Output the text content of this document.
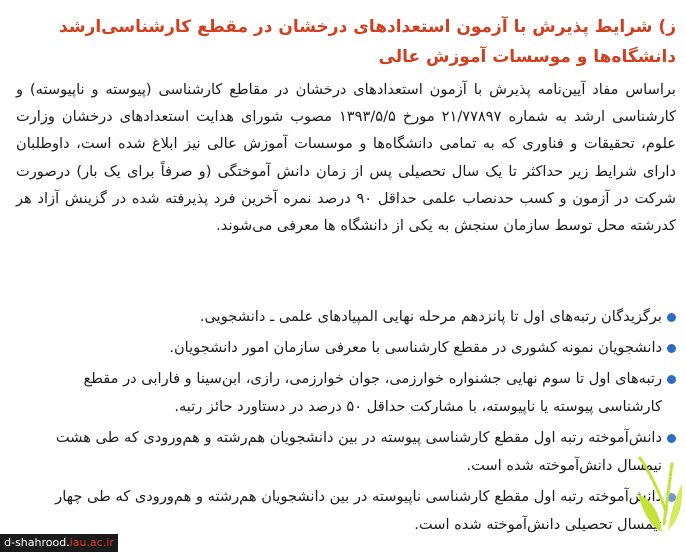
ز) شرایط پذیرش با آزمون استعدادهای درخشان در مقطع کارشناسی‌ارشد دانشگاه‌ها و موسسات آموزش عالی
براساس مفاد آیین‌نامه پذیرش با آزمون استعدادهای درخشان در مقاطع کارشناسی (پیوسته و ناپیوسته) و کارشناسی ارشد به شماره ۲۱/۷۷۸۹۷ مورخ ۱۳۹۳/۵/۵ مصوب شورای هدایت استعدادهای درخشان وزارت علوم، تحقیقات و فناوری که به تمامی دانشگاه‌ها و موسسات آموزش عالی نیز ابلاغ شده است، داوطلبان دارای شرایط زیر حداکثر تا یک سال تحصیلی پس از زمان دانش آموختگی (و صرفاً برای یک بار) درصورت شرکت در آزمون و کسب حدنصاب علمی حداقل ۹۰ درصد نمره آخرین فرد پذیرفته شده در گزینش آزاد هر کدرشته محل توسط سازمان سنجش به یکی از دانشگاه ها معرفی می‌شوند.
برگزیدگان رتبه‌های اول تا پانزدهم مرحله نهایی المپیادهای علمی ـ دانشجویی.
دانشجویان نمونه کشوری در مقطع کارشناسی با معرفی سازمان امور دانشجویان.
رتبه‌های اول تا سوم نهایی جشنواره خوارزمی، جوان خوارزمی، رازی، ابن‌سینا و فارابی در مقطع کارشناسی پیوسته یا ناپیوسته، با مشارکت حداقل ۵۰ درصد در دستاورد حائز رتبه.
دانش‌آموخته رتبه اول مقطع کارشناسی پیوسته در بین دانشجویان هم‌رشته و هم‌ورودی که طی هشت نیمسال دانش‌آموخته شده است.
دانش‌آموخته رتبه اول مقطع کارشناسی ناپیوسته در بین دانشجویان هم‌رشته و هم‌ورودی که طی چهار نیمسال تحصیلی دانش‌آموخته شده است.
d-shahrood.iau.ac.ir
